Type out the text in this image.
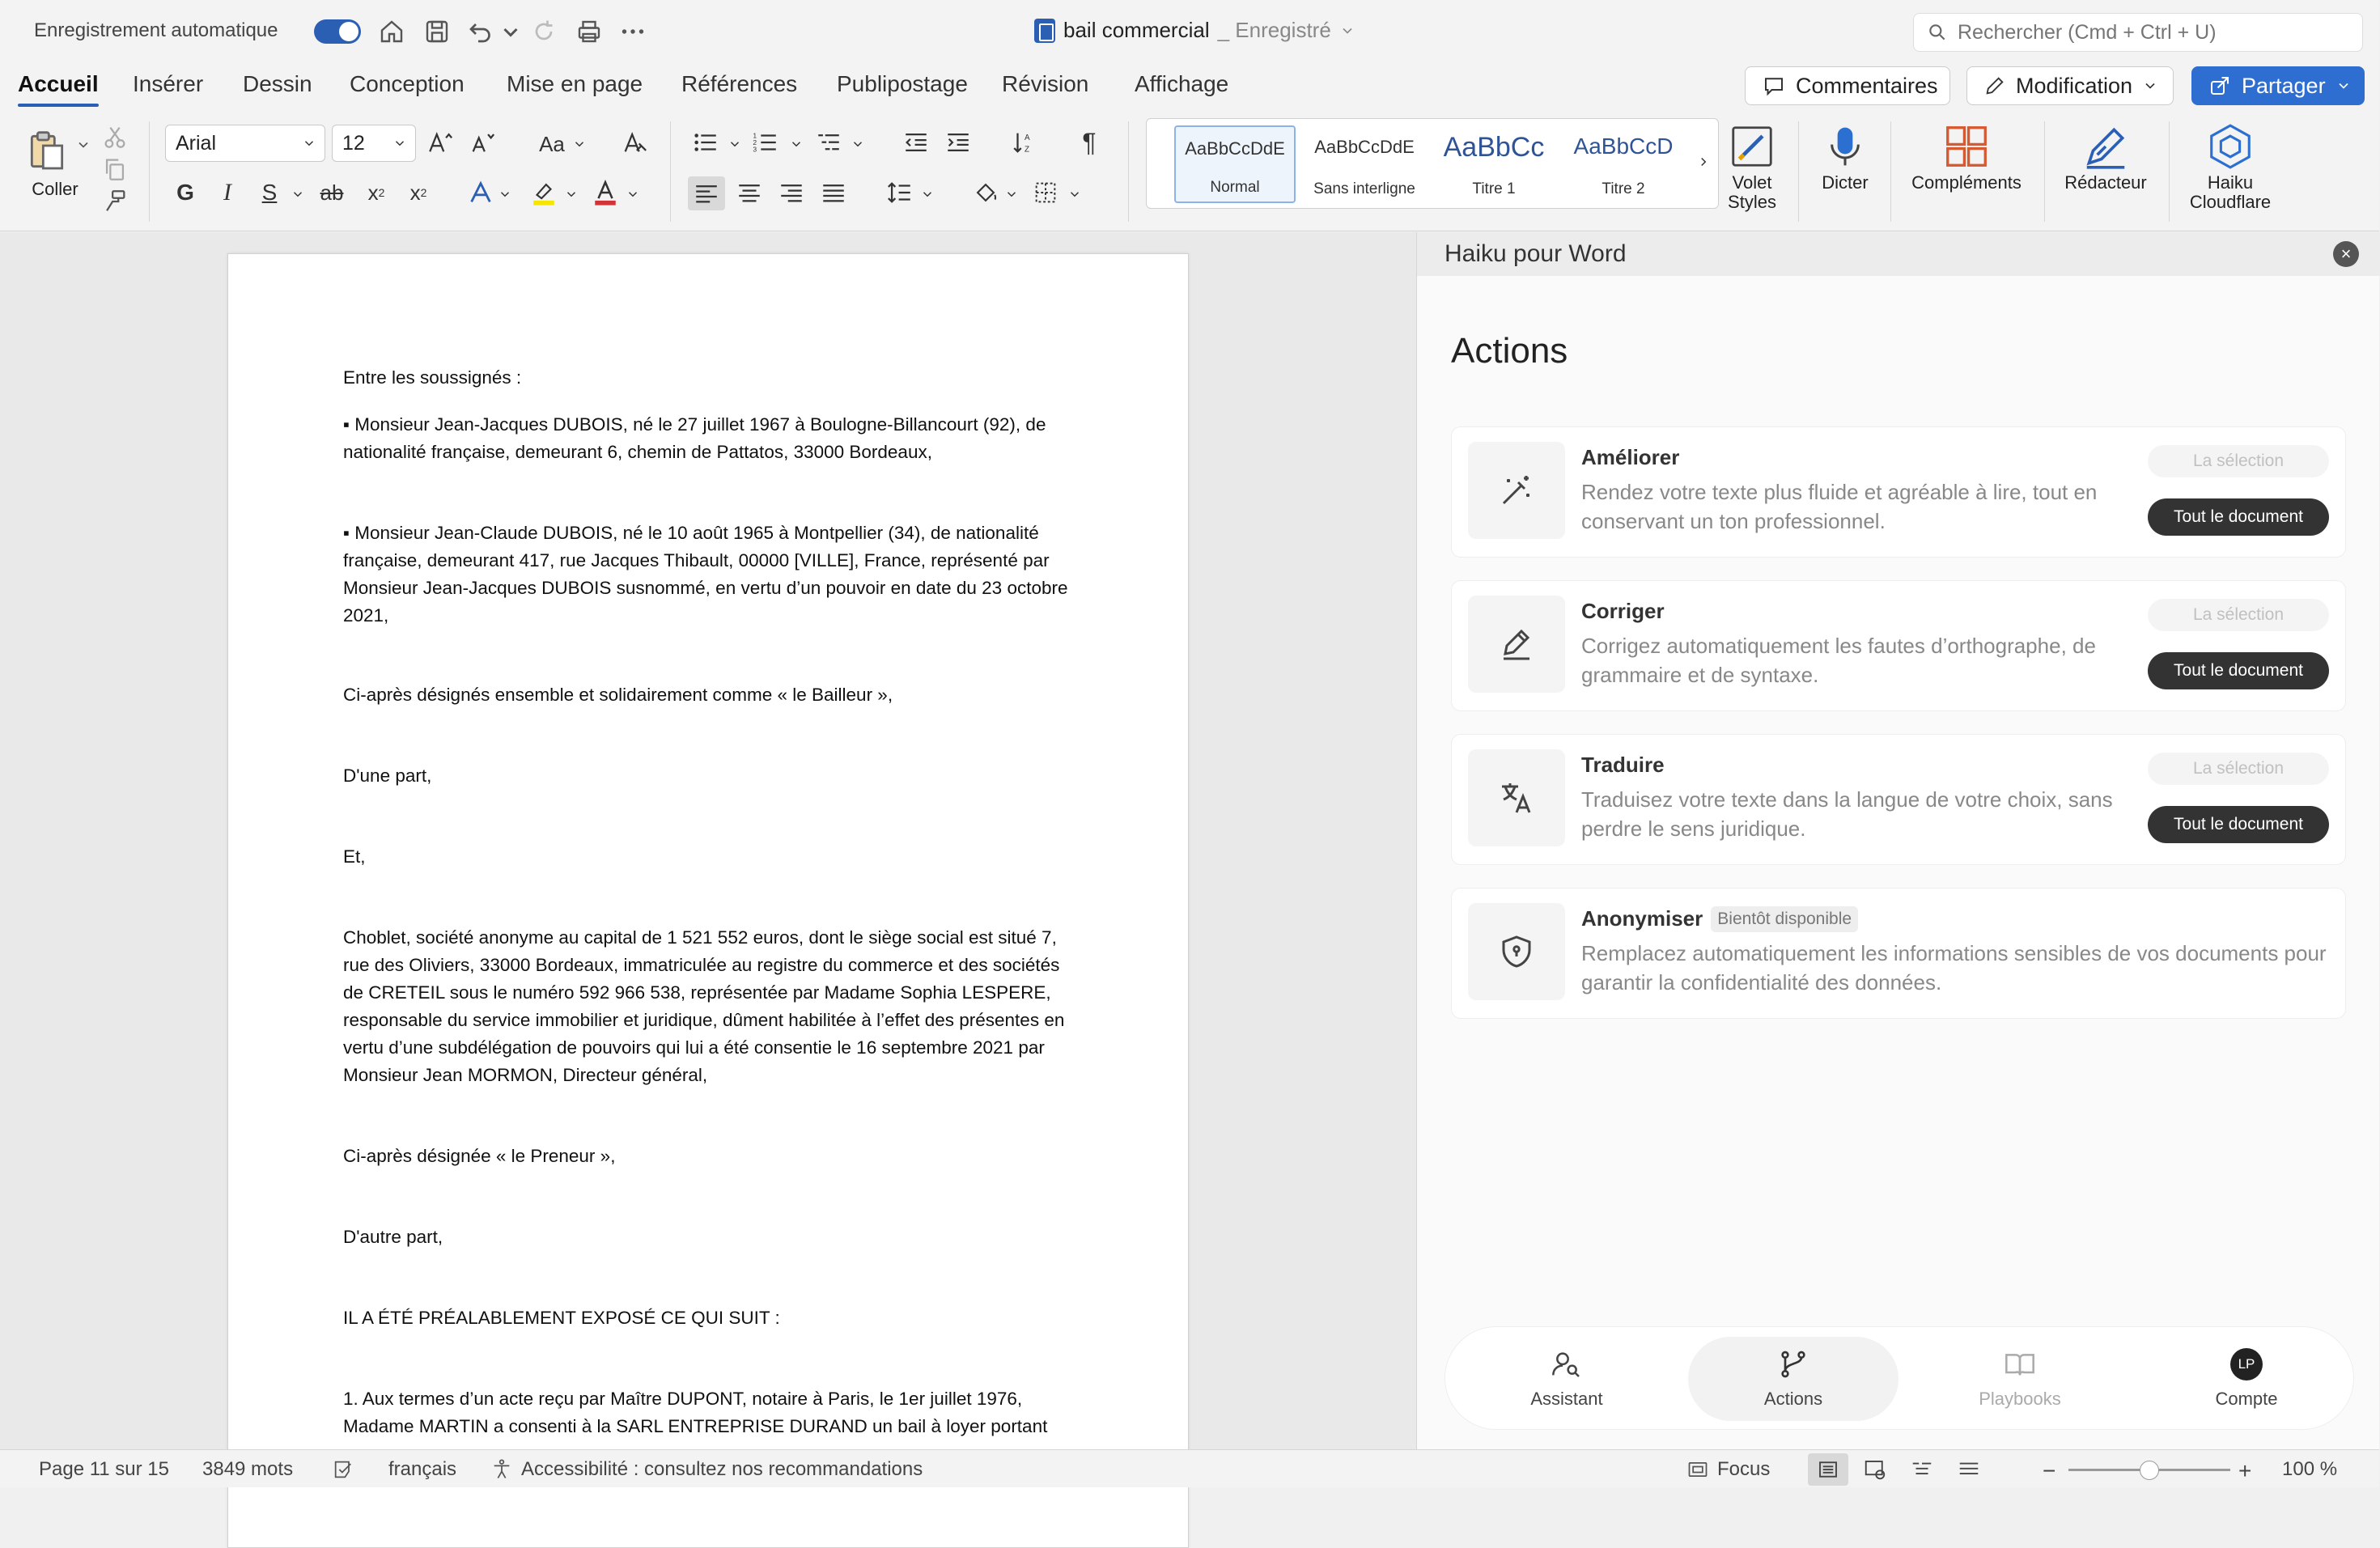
Enregistrement automatique	bail commercial _ Enregistré
Rechercher (Cmd + Ctrl + U)
Accueil Insérer Dessin Conception Mise en page Références Publipostage Révision Affichage	Commentaires	Modification	Partager
Coller
Arial	12	Aa
G I S ab x 2 x 2
1
2
3
A
Z ¶	AaBbCcDdE
Normal
AaBbCcDdE
Sans interligne
AaBbCc
Titre 1
AaBbCcD
Titre 2	Volet Styles
Dicter	Compléments	Rédacteur	Haiku Cloudflare

Entre les soussignés :

▪ Monsieur Jean-Jacques DUBOIS, né le 27 juillet 1967 à Boulogne-Billancourt (92), de nationalité française, demeurant 6, chemin de Pattatos, 33000 Bordeaux,

▪ Monsieur Jean-Claude DUBOIS, né le 10 août 1965 à Montpellier (34), de nationalité française, demeurant 417, rue Jacques Thibault, 00000 [VILLE], France, représenté par Monsieur Jean-Jacques DUBOIS susnommé, en vertu d’un pouvoir en date du 23 octobre 2021,

Ci-après désignés ensemble et solidairement comme « le Bailleur »,

D'une part,

Et,

Choblet, société anonyme au capital de 1 521 552 euros, dont le siège social est situé 7, rue des Oliviers, 33000 Bordeaux, immatriculée au registre du commerce et des sociétés de CRETEIL sous le numéro 592 966 538, représentée par Madame Sophia LESPERE, responsable du service immobilier et juridique, dûment habilitée à l’effet des présentes en vertu d’une subdélégation de pouvoirs qui lui a été consentie le 16 septembre 2021 par Monsieur Jean MORMON, Directeur général,

Ci-après désignée « le Preneur »,

D'autre part,

IL A ÉTÉ PRÉALABLEMENT EXPOSÉ CE QUI SUIT :

1. Aux termes d’un acte reçu par Maître DUPONT, notaire à Paris, le 1er juillet 1976, Madame MARTIN a consenti à la SARL ENTREPRISE DURAND un bail à loyer portant

Haiku pour Word	×
Actions
Améliorer
Rendez votre texte plus fluide et agréable à lire, tout en conservant un ton professionnel.
La sélection
Tout le document
Corriger
Corrigez automatiquement les fautes d’orthographe, de grammaire et de syntaxe.
La sélection
Tout le document
Traduire
Traduisez votre texte dans la langue de votre choix, sans perdre le sens juridique.
La sélection
Tout le document
Anonymiser Bientôt disponible
Remplacez automatiquement les informations sensibles de vos documents pour garantir la confidentialité des données.
Assistant	Actions	Playbooks
LP
Compte
Page 11 sur 15 3849 mots	français	Accessibilité : consultez nos recommandations	Focus	−	+ 100 %
